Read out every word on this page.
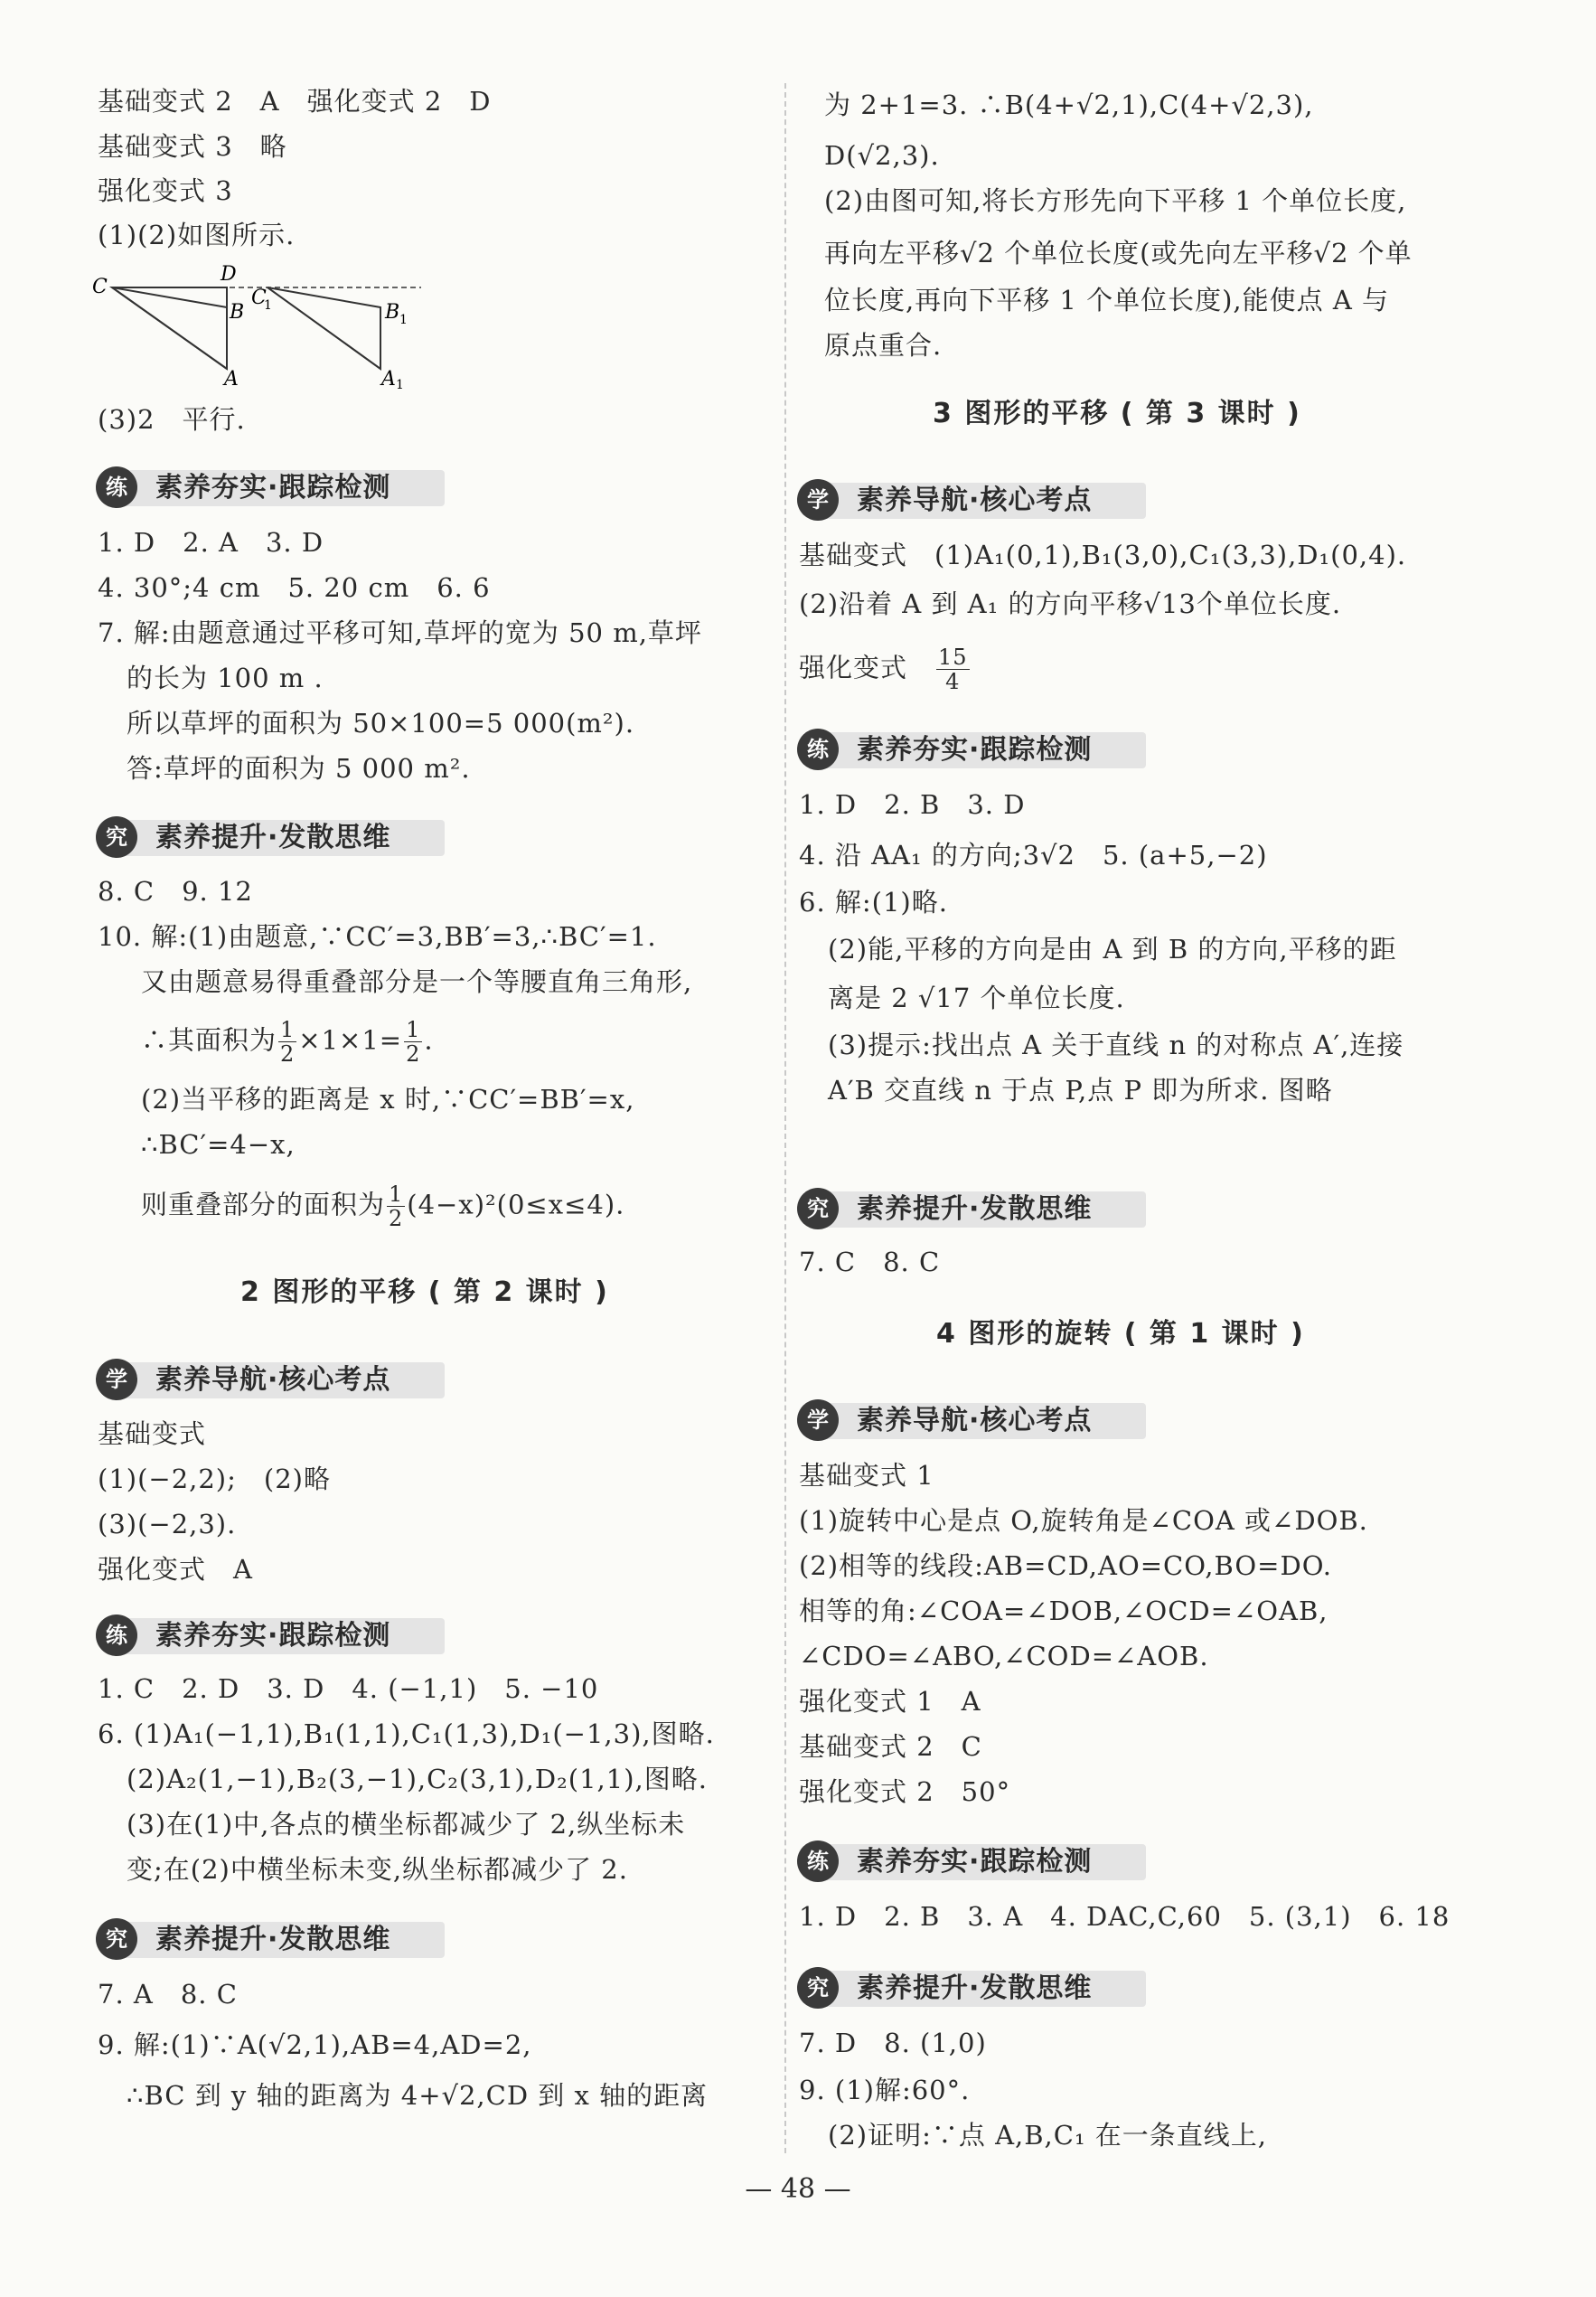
基础变式 2　A　强化变式 2　D
基础变式 3　略
强化变式 3
(1)(2)如图所示.
C
D
B
A
C
1	B 1
A 1
(3)2　平行.
练	素养夯实·跟踪检测
1. D　2. A　3. D
4. 30°;4 cm　5. 20 cm　6. 6
7. 解:由题意通过平移可知,草坪的宽为 50 m,草坪
的长为 100 m .
所以草坪的面积为 50×100=5 000(m²).
答:草坪的面积为 5 000 m².
究	素养提升·发散思维
8. C　9. 12
10. 解:(1)由题意,∵CC′=3,BB′=3,∴BC′=1.
又由题意易得重叠部分是一个等腰直角三角形,
∴其面积为 $\frac{1}{2} \times 1\times 1= \frac{1}{2}$ .
(2)当平移的距离是 x 时,∵CC′=BB′=x,
∴BC′=4−x,
则重叠部分的面积为 $\frac{1}{2} (4-x)^2(0\le x\le 4)$.
2 图形的平移 ( 第 2 课时 )
学	素养导航·核心考点
基础变式
(1)(−2,2);　(2)略
(3)(−2,3).
强化变式　A
练	素养夯实·跟踪检测
1. C　2. D　3. D　4. (−1,1)　5. −10
6. (1)A₁(−1,1),B₁(1,1),C₁(1,3),D₁(−1,3),图略.
(2)A₂(1,−1),B₂(3,−1),C₂(3,1),D₂(1,1),图略.
(3)在(1)中,各点的横坐标都减少了 2,纵坐标未
变;在(2)中横坐标未变,纵坐标都减少了 2.
究	素养提升·发散思维
7. A　8. C
9. 解:(1)∵A(√2,1),AB=4,AD=2,
∴BC 到 y 轴的距离为 4+√2,CD 到 x 轴的距离
为 2+1=3. ∴B(4+√2,1),C(4+√2,3),
D(√2,3).
(2)由图可知,将长方形先向下平移 1 个单位长度,
再向左平移√2 个单位长度(或先向左平移√2 个单
位长度,再向下平移 1 个单位长度),能使点 A 与
原点重合.
3 图形的平移 ( 第 3 课时 )
学	素养导航·核心考点
基础变式　(1)A₁(0,1),B₁(3,0),C₁(3,3),D₁(0,4).
(2)沿着 A 到 A₁ 的方向平移√13个单位长度.
强化变式　 $\frac{15}{4}$
练	素养夯实·跟踪检测
1. D　2. B　3. D
4. 沿 AA₁ 的方向;3√2　5. (a+5,−2)
6. 解:(1)略.
(2)能,平移的方向是由 A 到 B 的方向,平移的距
离是 2 √17 个单位长度.
(3)提示:找出点 A 关于直线 n 的对称点 A′,连接
A′B 交直线 n 于点 P,点 P 即为所求. 图略
究	素养提升·发散思维
7. C　8. C
4 图形的旋转 ( 第 1 课时 )
学	素养导航·核心考点
基础变式 1
(1)旋转中心是点 O,旋转角是∠COA 或∠DOB.
(2)相等的线段:AB=CD,AO=CO,BO=DO.
相等的角:∠COA=∠DOB,∠OCD=∠OAB,
∠CDO=∠ABO,∠COD=∠AOB.
强化变式 1　A
基础变式 2　C
强化变式 2　50°
练	素养夯实·跟踪检测
1. D　2. B　3. A　4. DAC,C,60　5. (3,1)　6. 18
究	素养提升·发散思维
7. D　8. (1,0)
9. (1)解:60°.
(2)证明:∵点 A,B,C₁ 在一条直线上,
— 48 —
